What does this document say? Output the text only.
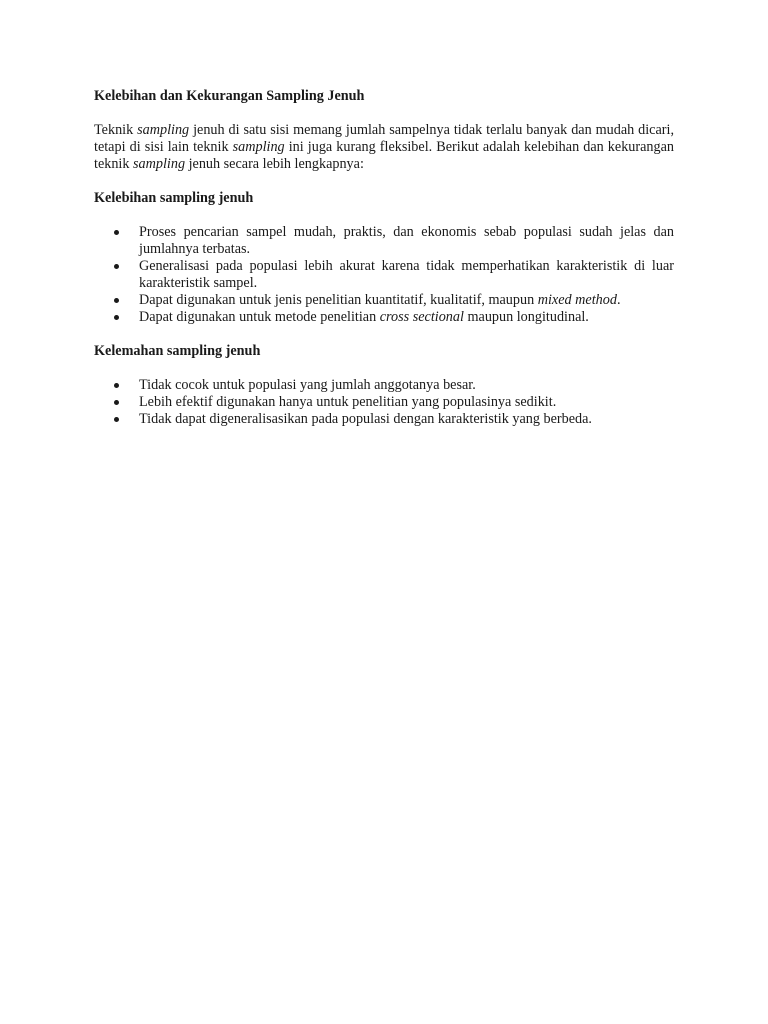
Kelebihan dan Kekurangan Sampling Jenuh

Teknik sampling jenuh di satu sisi memang jumlah sampelnya tidak terlalu banyak dan mudah dicari, tetapi di sisi lain teknik sampling ini juga kurang fleksibel. Berikut adalah kelebihan dan kekurangan teknik sampling jenuh secara lebih lengkapnya:

Kelebihan sampling jenuh
Proses pencarian sampel mudah, praktis, dan ekonomis sebab populasi sudah jelas dan jumlahnya terbatas.
Generalisasi pada populasi lebih akurat karena tidak memperhatikan karakteristik di luar karakteristik sampel.
Dapat digunakan untuk jenis penelitian kuantitatif, kualitatif, maupun mixed method.
Dapat digunakan untuk metode penelitian cross sectional maupun longitudinal.
Kelemahan sampling jenuh
Tidak cocok untuk populasi yang jumlah anggotanya besar.
Lebih efektif digunakan hanya untuk penelitian yang populasinya sedikit.
Tidak dapat digeneralisasikan pada populasi dengan karakteristik yang berbeda.
